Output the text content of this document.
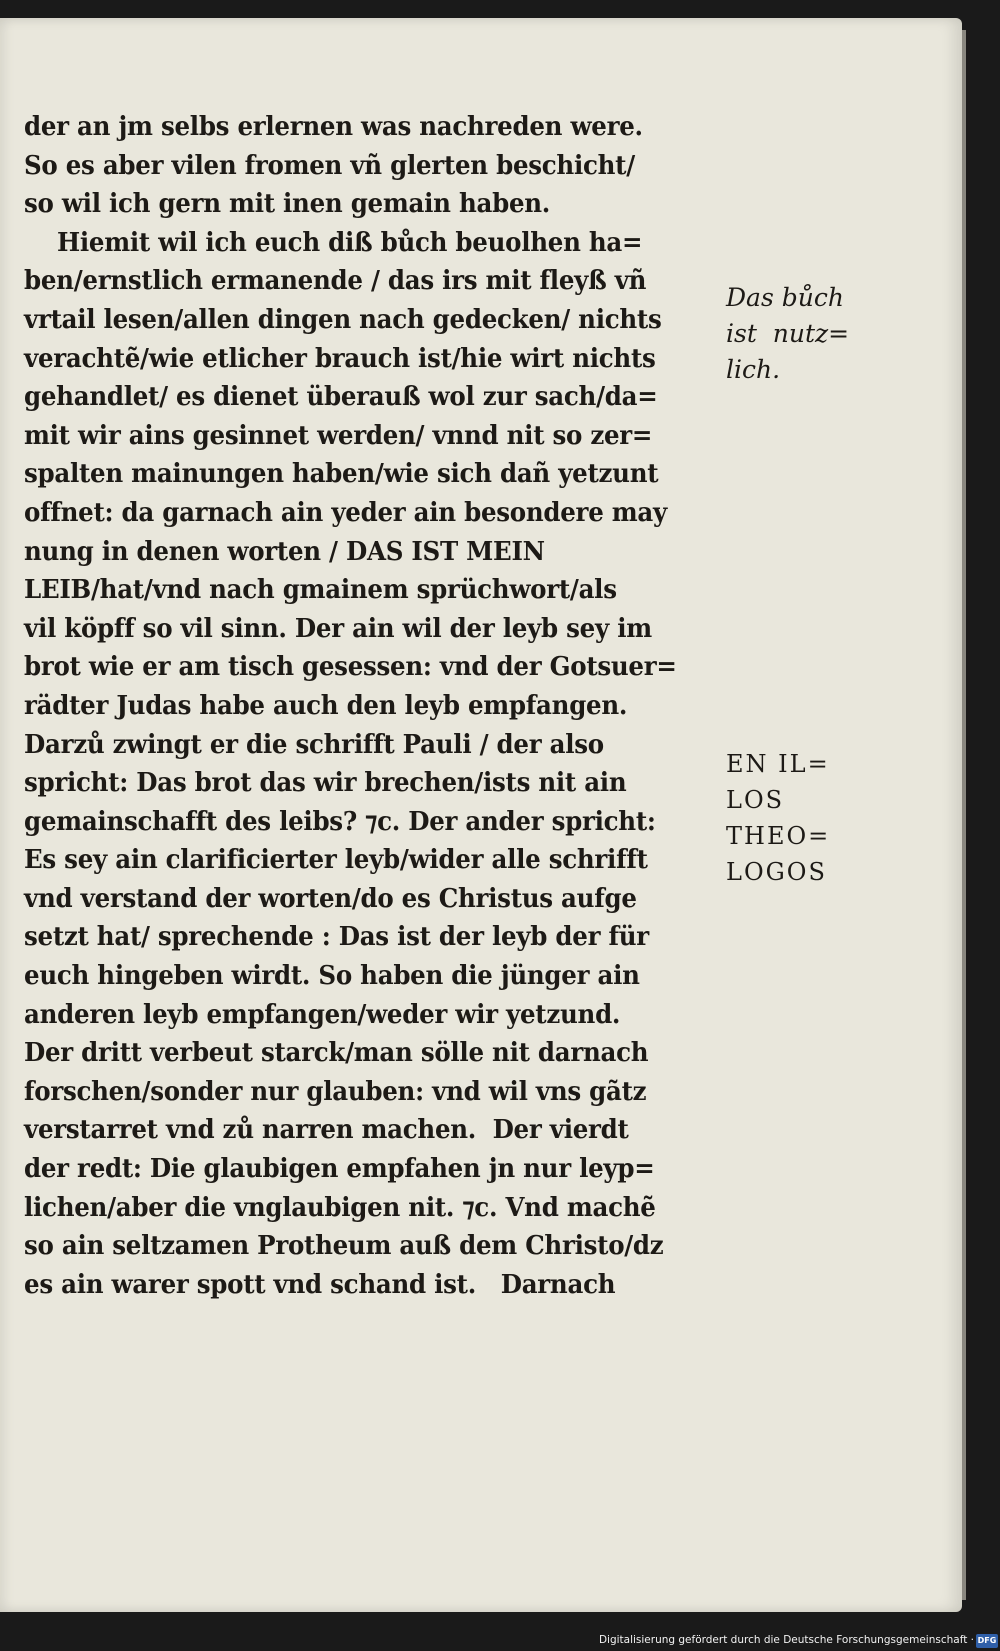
der an jm selbs erlernen was nachreden were.
So es aber vilen fromen vñ glerten beschicht/
so wil ich gern mit inen gemain haben.
Hiemit wil ich euch diß bůch beuolhen ha=
ben/ernstlich ermanende / das irs mit fleyß vñ
vrtail lesen/allen dingen nach gedecken/ nichts
verachtẽ/wie etlicher brauch ist/hie wirt nichts
gehandlet/ es dienet überauß wol zur sach/da=
mit wir ains gesinnet werden/ vnnd nit so zer=
spalten mainungen haben/wie sich dañ yetzunt
offnet: da garnach ain yeder ain besondere may
nung in denen worten / DAS IST MEIN
LEIB/hat/vnd nach gmainem sprüchwort/als
vil köpff so vil sinn. Der ain wil der leyb sey im
brot wie er am tisch gesessen: vnd der Gotsuer=
rädter Judas habe auch den leyb empfangen.
Darzů zwingt er die schrifft Pauli / der also
spricht: Das brot das wir brechen/ists nit ain
gemainschafft des leibs? ⁊c. Der ander spricht:
Es sey ain clarificierter leyb/wider alle schrifft
vnd verstand der worten/do es Christus aufge
setzt hat/ sprechende : Das ist der leyb der für
euch hingeben wirdt. So haben die jünger ain
anderen leyb empfangen/weder wir yetzund.
Der dritt verbeut starck/man sölle nit darnach
forschen/sonder nur glauben: vnd wil vns gãtz
verstarret vnd zů narren machen.  Der vierdt
der redt: Die glaubigen empfahen jn nur leyp=
lichen/aber die vnglaubigen nit. ⁊c. Vnd machẽ
so ain seltzamen Protheum auß dem Christo/dz
es ain warer spott vnd schand ist.   Darnach
Das bůch
ist  nutz=
lich.
EN IL=
LOS
THEO=
LOGOS
Digitalisierung gefördert durch die Deutsche Forschungsgemeinschaft · DFG
